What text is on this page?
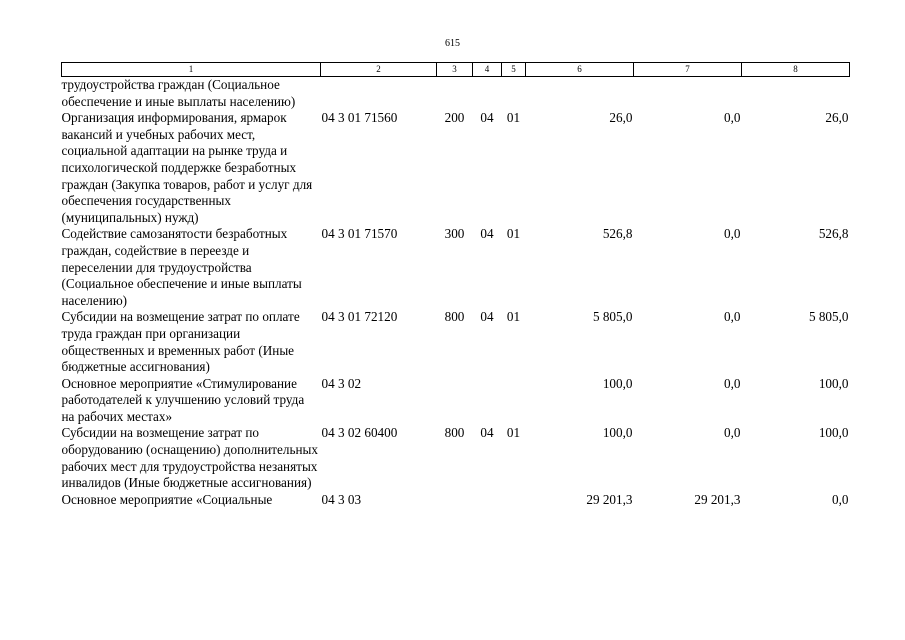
615
1	2	3	4	5	6	7	8
трудоустройства граждан (Социальное обеспечение и иные выплаты населению)							
Организация информирования, ярмарок вакансий и учебных рабочих мест, социальной адаптации на рынке труда и психологической поддержке безработных граждан (Закупка товаров, работ и услуг для обеспечения государственных (муниципальных) нужд)	04 3 01 71560	200	04	01	26,0	0,0	26,0
Содействие самозанятости безработных граждан, содействие в переезде и переселении для трудоустройства (Социальное обеспечение и иные выплаты населению)	04 3 01 71570	300	04	01	526,8	0,0	526,8
Субсидии на возмещение затрат по оплате труда граждан при организации общественных и временных работ (Иные бюджетные ассигнования)	04 3 01 72120	800	04	01	5 805,0	0,0	5 805,0
Основное мероприятие «Стимулирование работодателей к улучшению условий труда на рабочих местах»	04 3 02				100,0	0,0	100,0
Субсидии на возмещение затрат по оборудованию (оснащению) дополнительных рабочих мест для трудоустройства незанятых инвалидов (Иные бюджетные ассигнования)	04 3 02 60400	800	04	01	100,0	0,0	100,0
Основное мероприятие «Социальные	04 3 03				29 201,3	29 201,3	0,0
